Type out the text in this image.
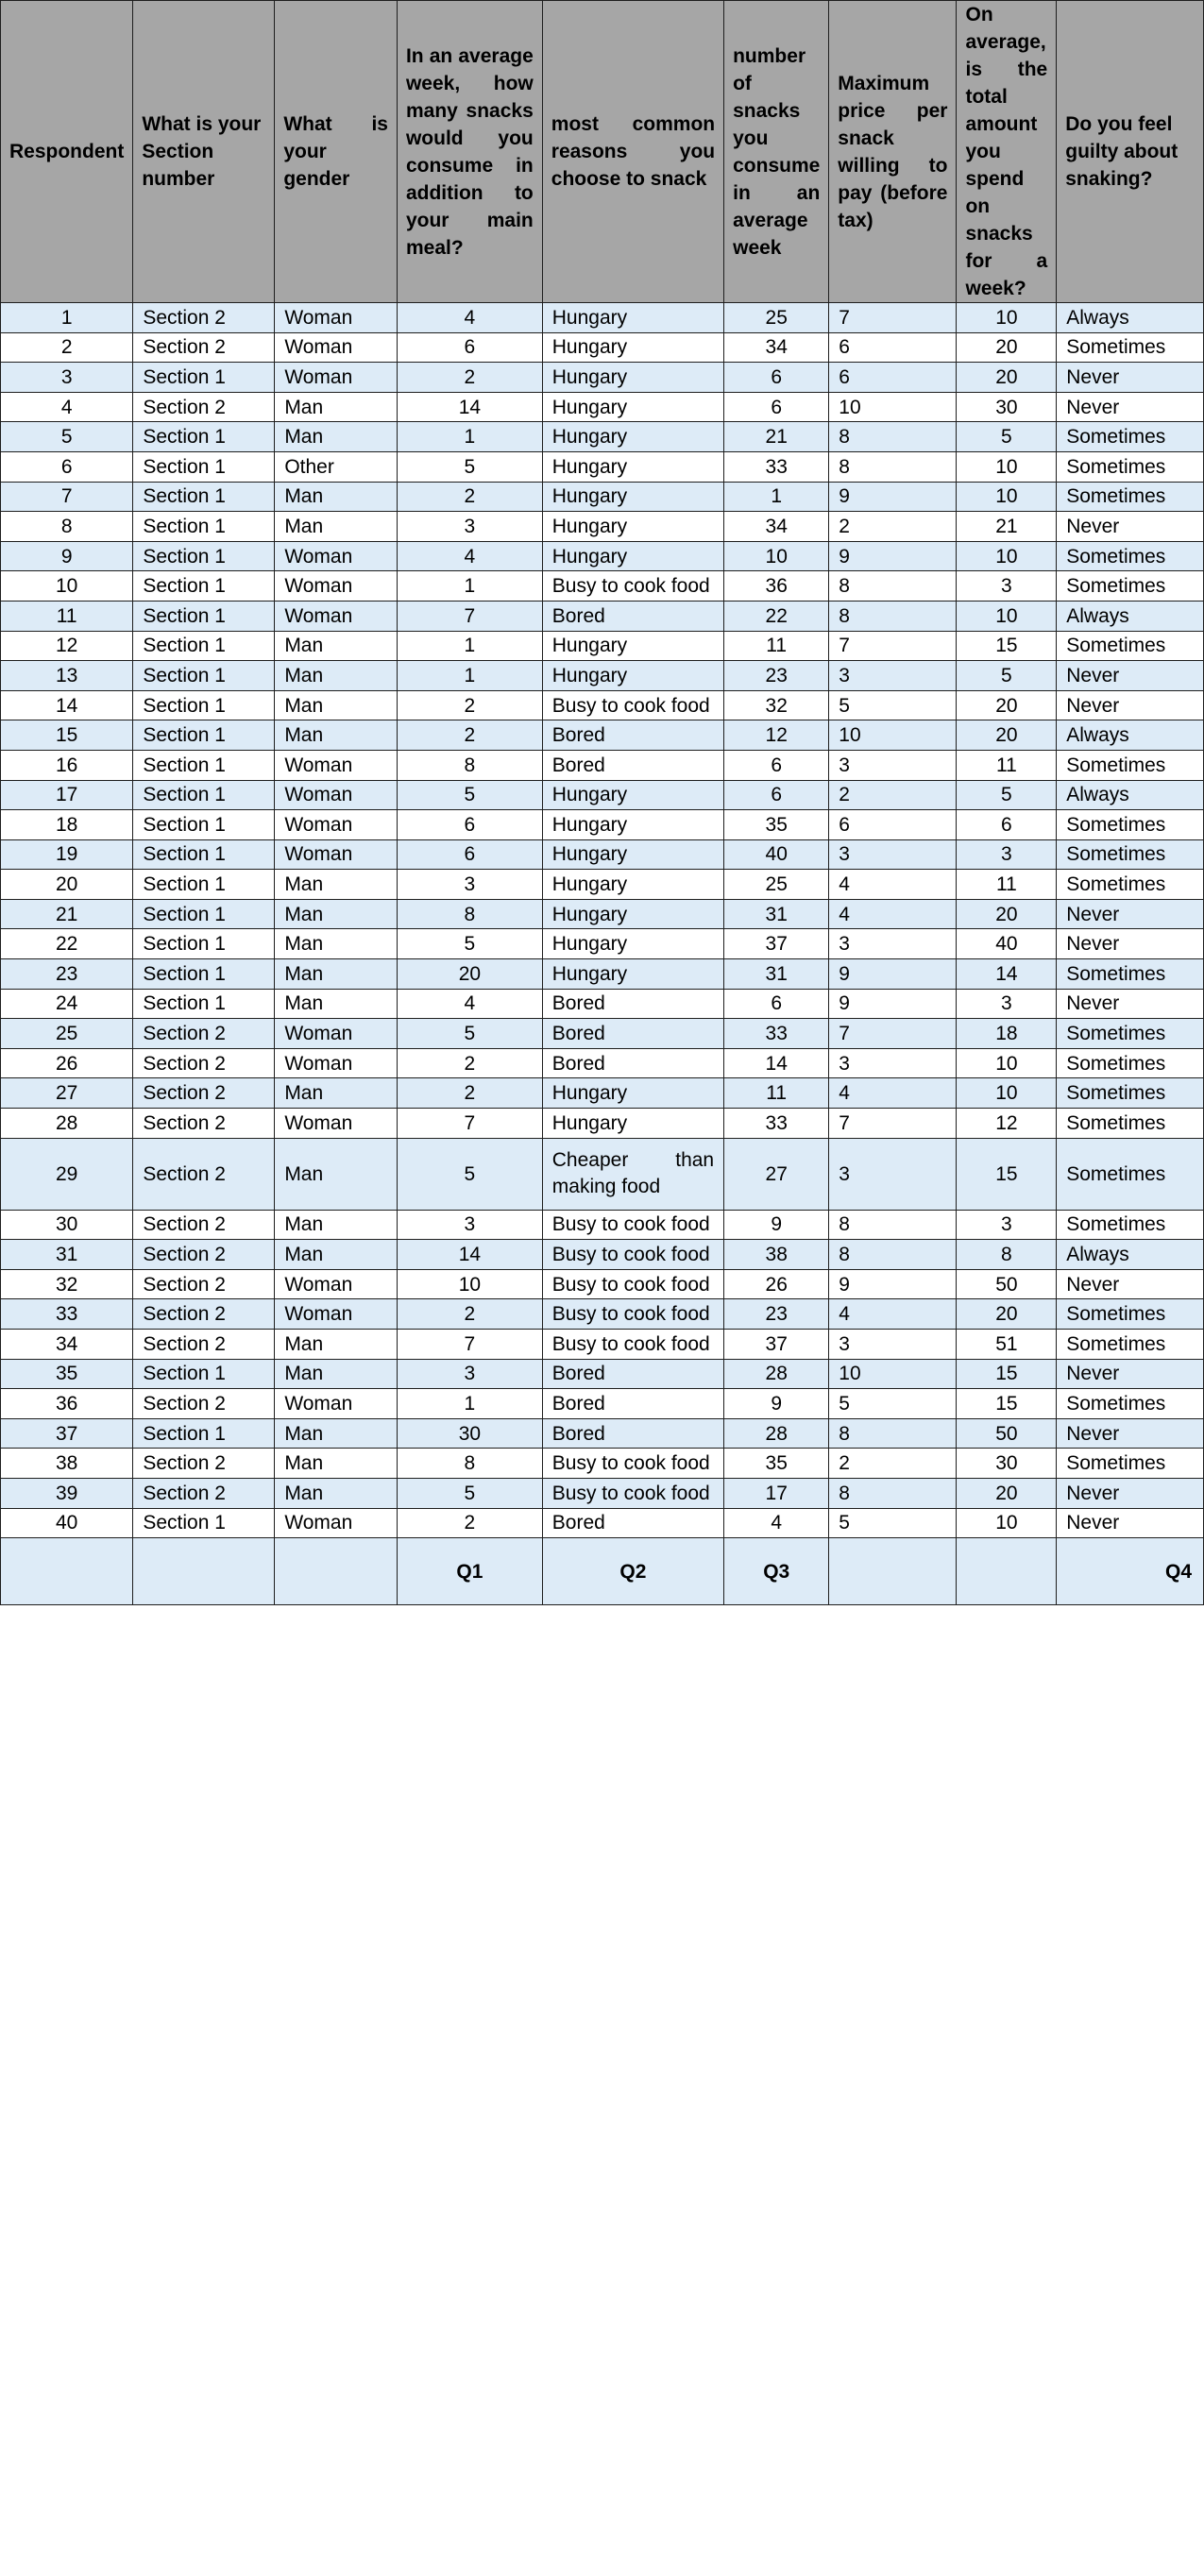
Respondent	What is your Section number	What is your gender	In an average week, how many snacks would you consume in addition to your main meal?	most common reasons you choose to snack	number of snacks you consume in an average week	Maximum price per snack willing to pay (before tax)	On average, is the total amount you spend on snacks for a week?	Do you feel guilty about snaking?
1	Section 2	Woman	4	Hungary	25	7	10	Always
2	Section 2	Woman	6	Hungary	34	6	20	Sometimes
3	Section 1	Woman	2	Hungary	6	6	20	Never
4	Section 2	Man	14	Hungary	6	10	30	Never
5	Section 1	Man	1	Hungary	21	8	5	Sometimes
6	Section 1	Other	5	Hungary	33	8	10	Sometimes
7	Section 1	Man	2	Hungary	1	9	10	Sometimes
8	Section 1	Man	3	Hungary	34	2	21	Never
9	Section 1	Woman	4	Hungary	10	9	10	Sometimes
10	Section 1	Woman	1	Busy to cook food	36	8	3	Sometimes
11	Section 1	Woman	7	Bored	22	8	10	Always
12	Section 1	Man	1	Hungary	11	7	15	Sometimes
13	Section 1	Man	1	Hungary	23	3	5	Never
14	Section 1	Man	2	Busy to cook food	32	5	20	Never
15	Section 1	Man	2	Bored	12	10	20	Always
16	Section 1	Woman	8	Bored	6	3	11	Sometimes
17	Section 1	Woman	5	Hungary	6	2	5	Always
18	Section 1	Woman	6	Hungary	35	6	6	Sometimes
19	Section 1	Woman	6	Hungary	40	3	3	Sometimes
20	Section 1	Man	3	Hungary	25	4	11	Sometimes
21	Section 1	Man	8	Hungary	31	4	20	Never
22	Section 1	Man	5	Hungary	37	3	40	Never
23	Section 1	Man	20	Hungary	31	9	14	Sometimes
24	Section 1	Man	4	Bored	6	9	3	Never
25	Section 2	Woman	5	Bored	33	7	18	Sometimes
26	Section 2	Woman	2	Bored	14	3	10	Sometimes
27	Section 2	Man	2	Hungary	11	4	10	Sometimes
28	Section 2	Woman	7	Hungary	33	7	12	Sometimes
29	Section 2	Man	5	Cheaper than making food	27	3	15	Sometimes
30	Section 2	Man	3	Busy to cook food	9	8	3	Sometimes
31	Section 2	Man	14	Busy to cook food	38	8	8	Always
32	Section 2	Woman	10	Busy to cook food	26	9	50	Never
33	Section 2	Woman	2	Busy to cook food	23	4	20	Sometimes
34	Section 2	Man	7	Busy to cook food	37	3	51	Sometimes
35	Section 1	Man	3	Bored	28	10	15	Never
36	Section 2	Woman	1	Bored	9	5	15	Sometimes
37	Section 1	Man	30	Bored	28	8	50	Never
38	Section 2	Man	8	Busy to cook food	35	2	30	Sometimes
39	Section 2	Man	5	Busy to cook food	17	8	20	Never
40	Section 1	Woman	2	Bored	4	5	10	Never
			Q1	Q2	Q3			Q4
